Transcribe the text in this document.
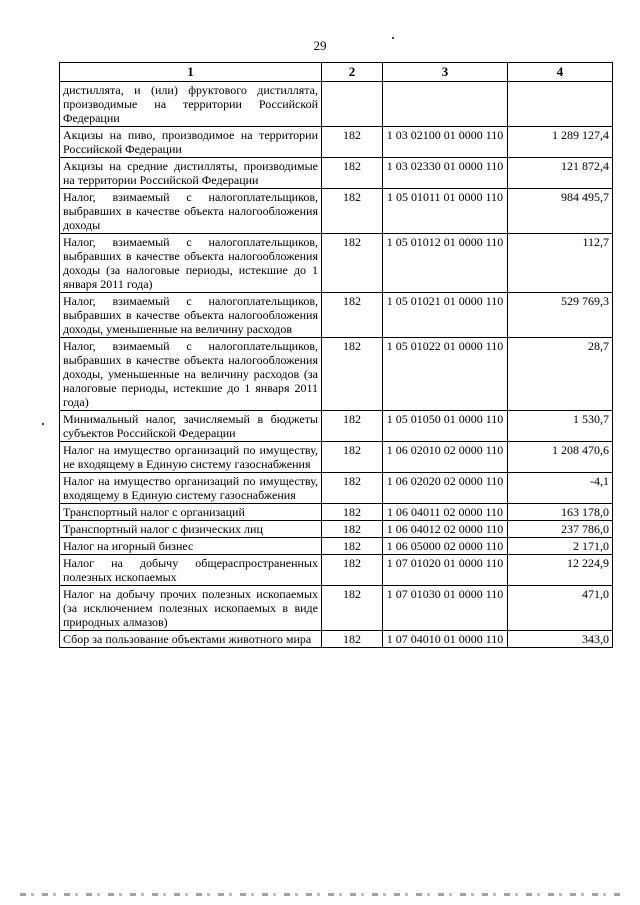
29
1	2	3	4
дистиллята, и (или) фруктового дистиллята, производимые на территории Российской Федерации			
Акцизы на пиво, производимое на территории Российской Федерации	182	1 03 02100 01 0000 110	1 289 127,4
Акцизы на средние дистилляты, производимые на территории Российской Федерации	182	1 03 02330 01 0000 110	121 872,4
Налог, взимаемый с налогоплательщиков, выбравших в качестве объекта налогообложения доходы	182	1 05 01011 01 0000 110	984 495,7
Налог, взимаемый с налогоплательщиков, выбравших в качестве объекта налогообложения доходы (за налоговые периоды, истекшие до 1 января 2011 года)	182	1 05 01012 01 0000 110	112,7
Налог, взимаемый с налогоплательщиков, выбравших в качестве объекта налогообложения доходы, уменьшенные на величину расходов	182	1 05 01021 01 0000 110	529 769,3
Налог, взимаемый с налогоплательщиков, выбравших в качестве объекта налогообложения доходы, уменьшенные на величину расходов (за налоговые периоды, истекшие до 1 января 2011 года)	182	1 05 01022 01 0000 110	28,7
Минимальный налог, зачисляемый в бюджеты субъектов Российской Федерации	182	1 05 01050 01 0000 110	1 530,7
Налог на имущество организаций по имуществу, не входящему в Единую систему газоснабжения	182	1 06 02010 02 0000 110	1 208 470,6
Налог на имущество организаций по имуществу, входящему в Единую систему газоснабжения	182	1 06 02020 02 0000 110	-4,1
Транспортный налог с организаций	182	1 06 04011 02 0000 110	163 178,0
Транспортный налог с физических лиц	182	1 06 04012 02 0000 110	237 786,0
Налог на игорный бизнес	182	1 06 05000 02 0000 110	2 171,0
Налог на добычу общераспространенных полезных ископаемых	182	1 07 01020 01 0000 110	12 224,9
Налог на добычу прочих полезных ископаемых (за исключением полезных ископаемых в виде природных алмазов)	182	1 07 01030 01 0000 110	471,0
Сбор за пользование объектами животного мира	182	1 07 04010 01 0000 110	343,0
